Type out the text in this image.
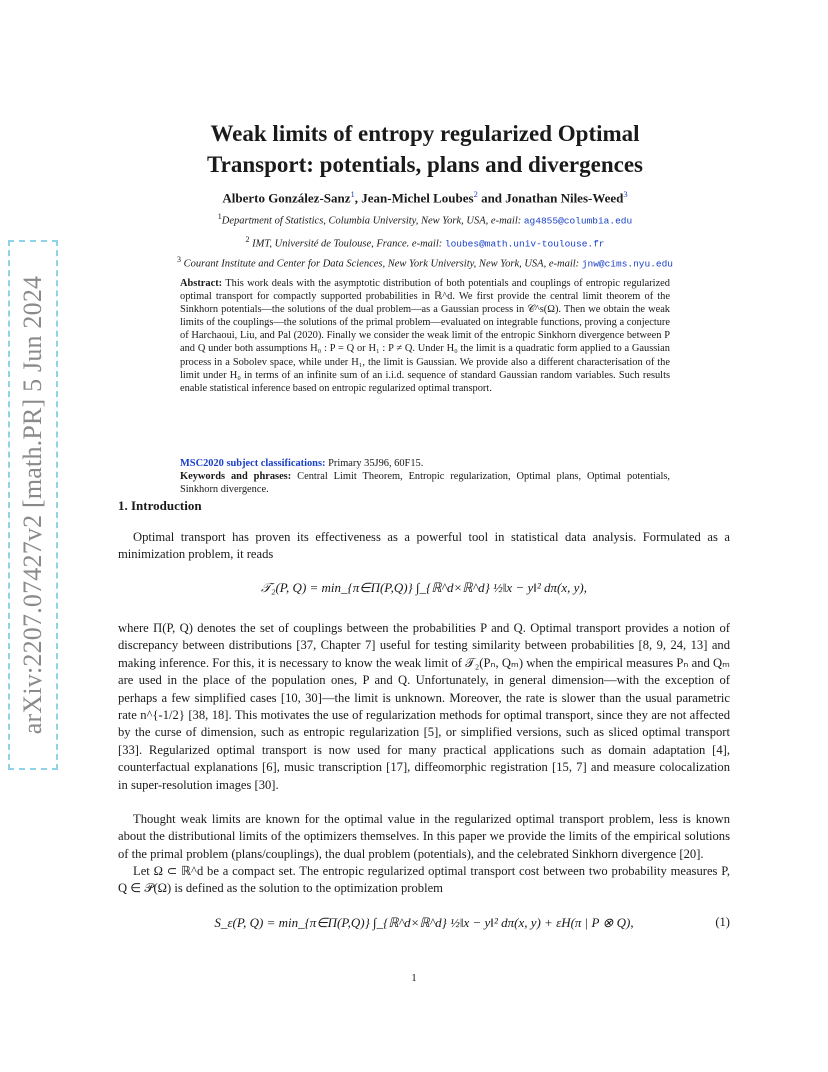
arXiv:2207.07427v2 [math.PR] 5 Jun 2024
Weak limits of entropy regularized Optimal
Transport: potentials, plans and divergences
Alberto González-Sanz$^1$, Jean-Michel Loubes$^2$ and Jonathan Niles-Weed$^3$
$^1$Department of Statistics, Columbia University, New York, USA, e-mail: ag4855@columbia.edu
$^2$ IMT, Université de Toulouse, France. e-mail: loubes@math.univ-toulouse.fr
$^3$ Courant Institute and Center for Data Sciences, New York University, New York, USA, e-mail: jnw@cims.nyu.edu
Abstract: This work deals with the asymptotic distribution of both potentials and couplings of entropic regularized optimal transport for compactly supported probabilities in ℝ^d. We first provide the central limit theorem of the Sinkhorn potentials—the solutions of the dual problem—as a Gaussian process in 𝒞^s(Ω). Then we obtain the weak limits of the couplings—the solutions of the primal problem—evaluated on integrable functions, proving a conjecture of Harchaoui, Liu, and Pal (2020). Finally we consider the weak limit of the entropic Sinkhorn divergence between P and Q under both assumptions H₀ : P = Q or H₁ : P ≠ Q. Under H₀ the limit is a quadratic form applied to a Gaussian process in a Sobolev space, while under H₁, the limit is Gaussian. We provide also a different characterisation of the limit under H₀ in terms of an infinite sum of an i.i.d. sequence of standard Gaussian random variables. Such results enable statistical inference based on entropic regularized optimal transport.
MSC2020 subject classifications: Primary 35J96, 60F15.
Keywords and phrases: Central Limit Theorem, Entropic regularization, Optimal plans, Optimal potentials, Sinkhorn divergence.
1. Introduction
Optimal transport has proven its effectiveness as a powerful tool in statistical data analysis. Formulated as a minimization problem, it reads
𝒯₂(P, Q) = min_{π∈Π(P,Q)} ∫_{ℝ^d×ℝ^d} ½‖x − y‖² dπ(x, y),
where Π(P, Q) denotes the set of couplings between the probabilities P and Q. Optimal transport provides a notion of discrepancy between distributions [37, Chapter 7] useful for testing similarity between probabilities [8, 9, 24, 13] and making inference. For this, it is necessary to know the weak limit of 𝒯₂(Pₙ, Qₘ) when the empirical measures Pₙ and Qₘ are used in the place of the population ones, P and Q. Unfortunately, in general dimension—with the exception of perhaps a few simplified cases [10, 30]—the limit is unknown. Moreover, the rate is slower than the usual parametric rate n^{-1/2} [38, 18]. This motivates the use of regularization methods for optimal transport, since they are not affected by the curse of dimension, such as entropic regularization [5], or simplified versions, such as sliced optimal transport [33]. Regularized optimal transport is now used for many practical applications such as domain adaptation [4], counterfactual explanations [6], music transcription [17], diffeomorphic registration [15, 7] and measure colocalization in super-resolution images [30].
Thought weak limits are known for the optimal value in the regularized optimal transport problem, less is known about the distributional limits of the optimizers themselves. In this paper we provide the limits of the empirical solutions of the primal problem (plans/couplings), the dual problem (potentials), and the celebrated Sinkhorn divergence [20].
Let Ω ⊂ ℝ^d be a compact set. The entropic regularized optimal transport cost between two probability measures P, Q ∈ 𝒫(Ω) is defined as the solution to the optimization problem
S_ε(P, Q) = min_{π∈Π(P,Q)} ∫_{ℝ^d×ℝ^d} ½‖x − y‖² dπ(x, y) + εH(π | P ⊗ Q),	(1)
1
